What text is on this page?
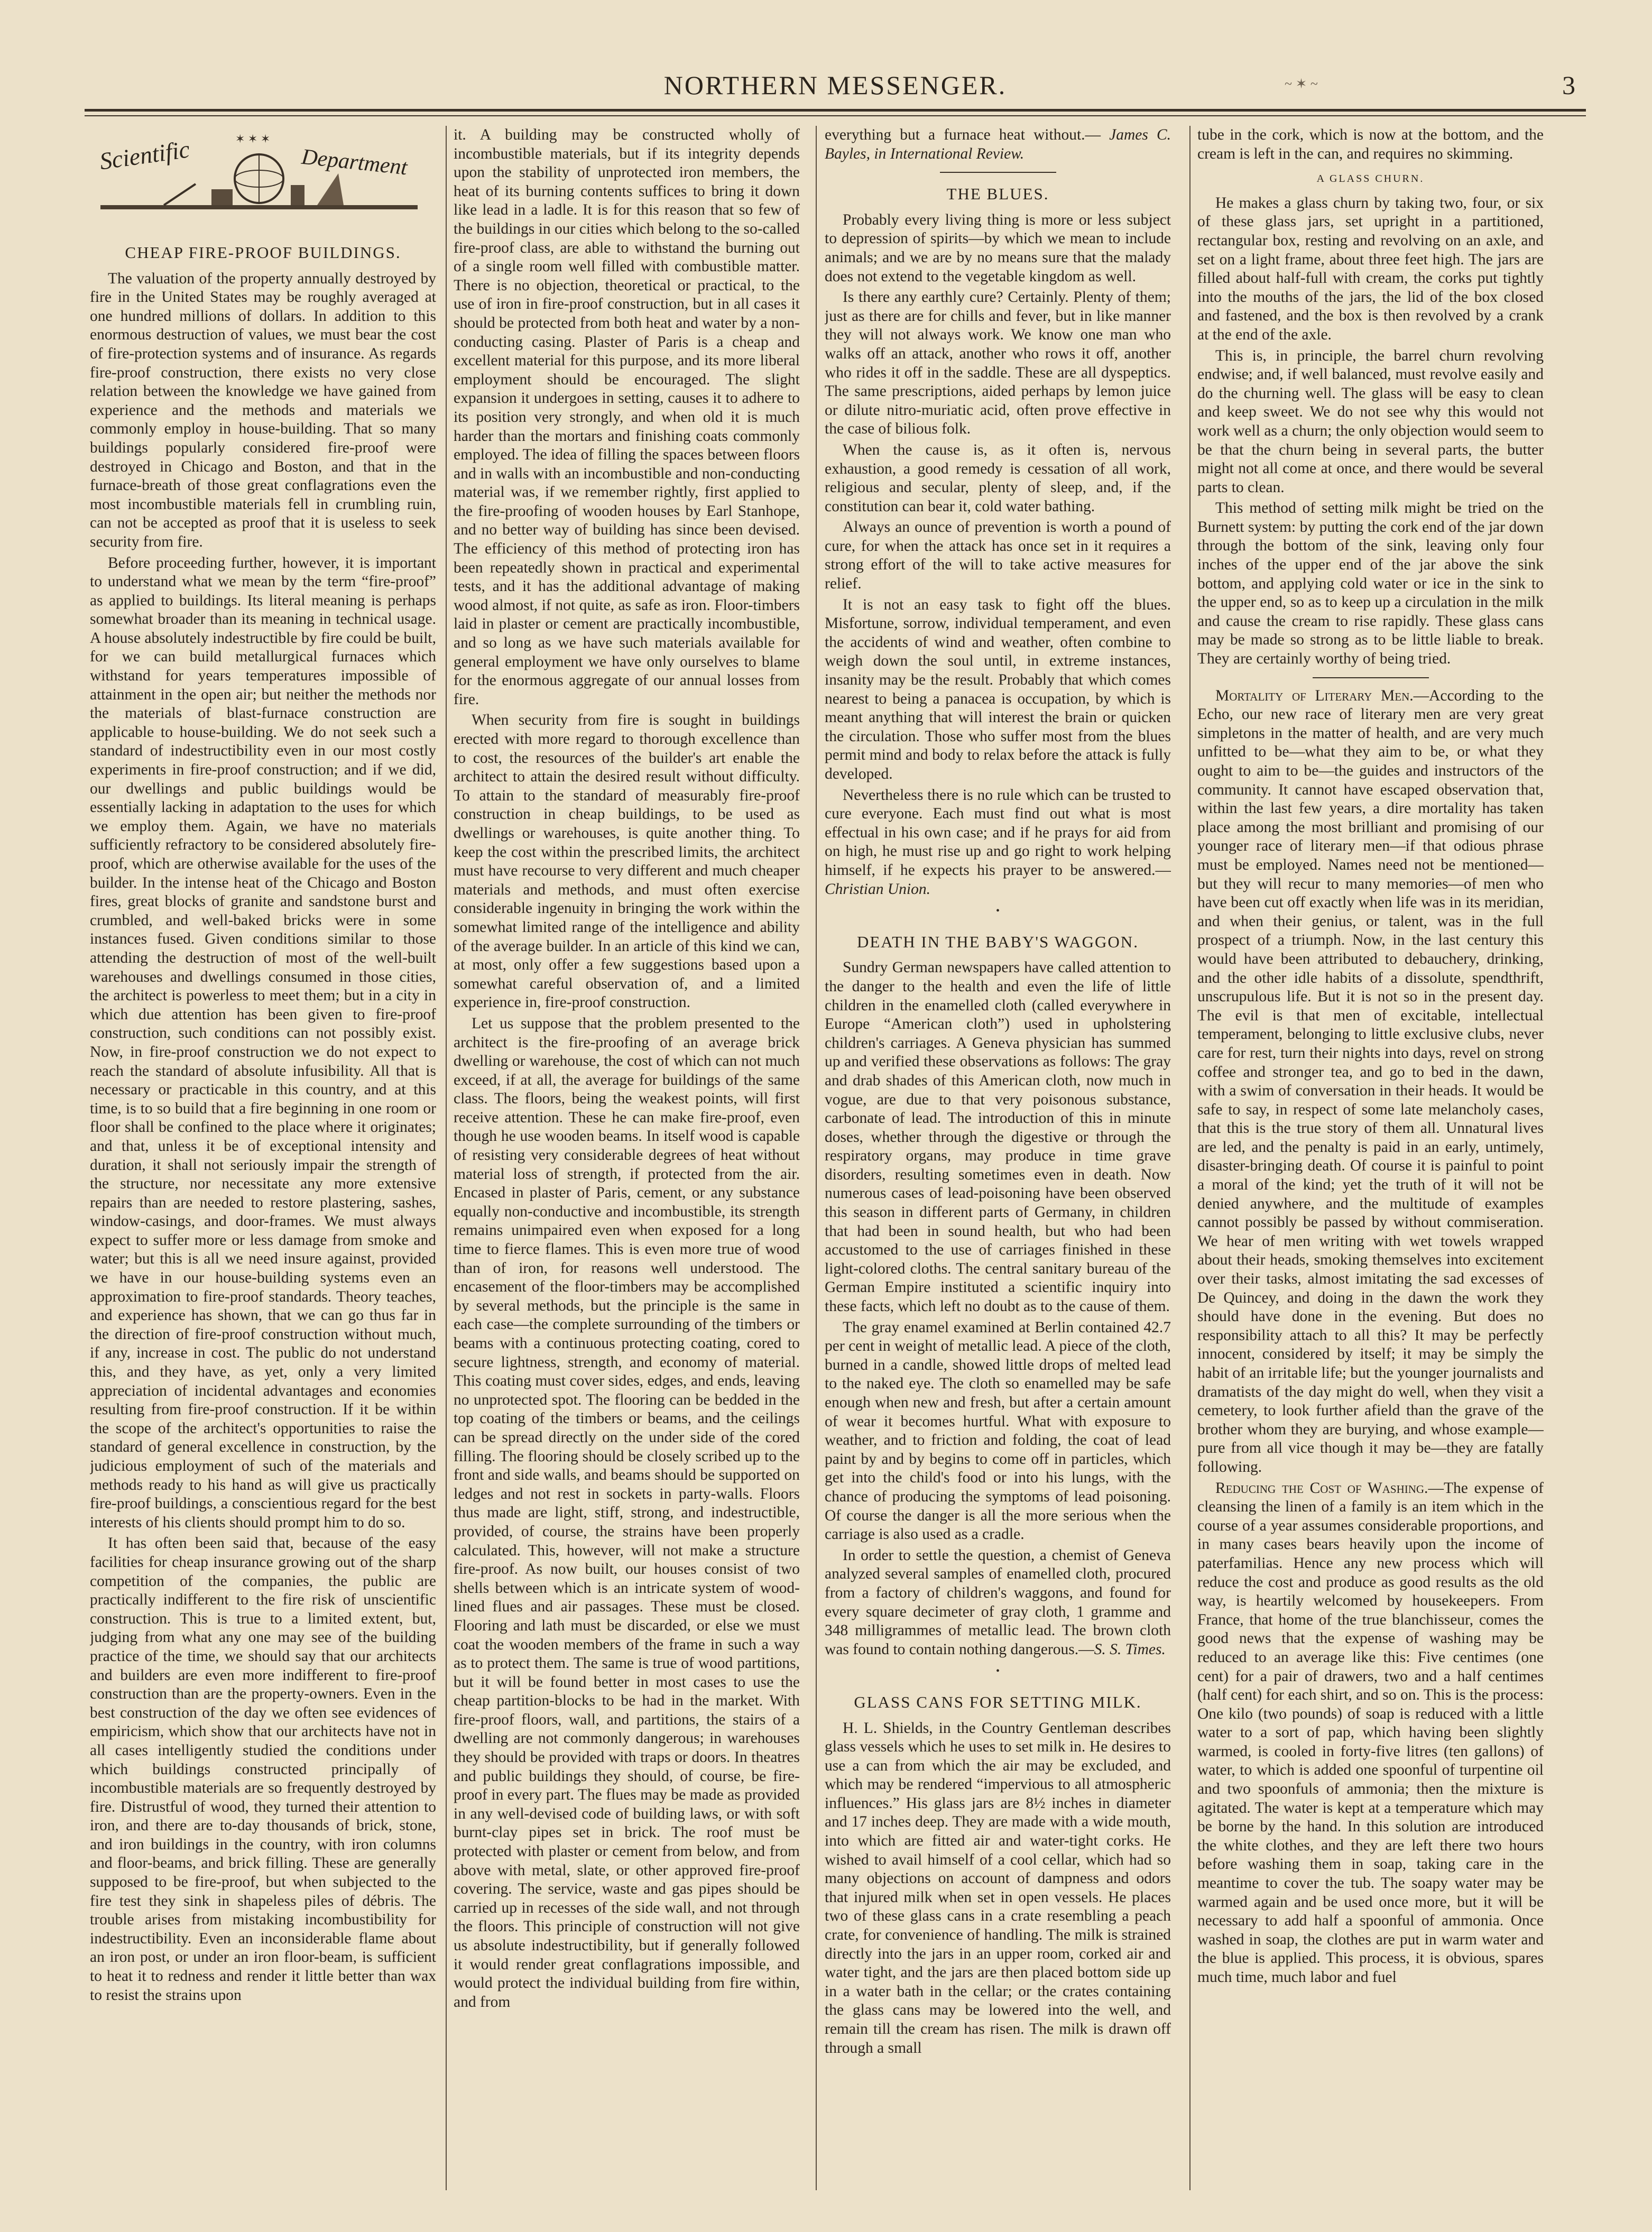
NORTHERN MESSENGER.	~ ✶ ~	3
✶ ✶ ✶
Scientific	Department
CHEAP FIRE-PROOF BUILDINGS.

The valuation of the property annually destroyed by fire in the United States may be roughly averaged at one hundred millions of dollars. In addition to this enormous destruction of values, we must bear the cost of fire-protection systems and of insurance. As regards fire-proof construction, there exists no very close relation between the knowledge we have gained from experience and the methods and materials we commonly employ in house-building. That so many buildings popularly considered fire-proof were destroyed in Chicago and Boston, and that in the furnace-breath of those great conflagrations even the most incombustible materials fell in crumbling ruin, can not be accepted as proof that it is useless to seek security from fire.

Before proceeding further, however, it is important to understand what we mean by the term “fire-proof” as applied to buildings. Its literal meaning is perhaps somewhat broader than its meaning in technical usage. A house absolutely indestructible by fire could be built, for we can build metallurgical furnaces which withstand for years temperatures impossible of attainment in the open air; but neither the methods nor the materials of blast-furnace construction are applicable to house-building. We do not seek such a standard of indestructibility even in our most costly experiments in fire-proof construction; and if we did, our dwellings and public buildings would be essentially lacking in adaptation to the uses for which we employ them. Again, we have no materials sufficiently refractory to be considered absolutely fire-proof, which are otherwise available for the uses of the builder. In the intense heat of the Chicago and Boston fires, great blocks of granite and sandstone burst and crumbled, and well-baked bricks were in some instances fused. Given conditions similar to those attending the destruction of most of the well-built warehouses and dwellings consumed in those cities, the architect is powerless to meet them; but in a city in which due attention has been given to fire-proof construction, such conditions can not possibly exist. Now, in fire-proof construction we do not expect to reach the standard of absolute infusibility. All that is necessary or practicable in this country, and at this time, is to so build that a fire beginning in one room or floor shall be confined to the place where it originates; and that, unless it be of exceptional intensity and duration, it shall not seriously impair the strength of the structure, nor necessitate any more extensive repairs than are needed to restore plastering, sashes, window-casings, and door-frames. We must always expect to suffer more or less damage from smoke and water; but this is all we need insure against, provided we have in our house-building systems even an approximation to fire-proof standards. Theory teaches, and experience has shown, that we can go thus far in the direction of fire-proof construction without much, if any, increase in cost. The public do not understand this, and they have, as yet, only a very limited appreciation of incidental advantages and economies resulting from fire-proof construction. If it be within the scope of the architect's opportunities to raise the standard of general excellence in construction, by the judicious employment of such of the materials and methods ready to his hand as will give us practically fire-proof buildings, a conscientious regard for the best interests of his clients should prompt him to do so.

It has often been said that, because of the easy facilities for cheap insurance growing out of the sharp competition of the companies, the public are practically indifferent to the fire risk of unscientific construction. This is true to a limited extent, but, judging from what any one may see of the building practice of the time, we should say that our architects and builders are even more indifferent to fire-proof construction than are the property-owners. Even in the best construction of the day we often see evidences of empiricism, which show that our architects have not in all cases intelligently studied the conditions under which buildings constructed principally of incombustible materials are so frequently destroyed by fire. Distrustful of wood, they turned their attention to iron, and there are to-day thousands of brick, stone, and iron buildings in the country, with iron columns and floor-beams, and brick filling. These are generally supposed to be fire-proof, but when subjected to the fire test they sink in shapeless piles of débris. The trouble arises from mistaking incombustibility for indestructibility. Even an inconsiderable flame about an iron post, or under an iron floor-beam, is sufficient to heat it to redness and render it little better than wax to resist the strains upon

it. A building may be constructed wholly of incombustible materials, but if its integrity depends upon the stability of unprotected iron members, the heat of its burning contents suffices to bring it down like lead in a ladle. It is for this reason that so few of the buildings in our cities which belong to the so-called fire-proof class, are able to withstand the burning out of a single room well filled with combustible matter. There is no objection, theoretical or practical, to the use of iron in fire-proof construction, but in all cases it should be protected from both heat and water by a non-conducting casing. Plaster of Paris is a cheap and excellent material for this purpose, and its more liberal employment should be encouraged. The slight expansion it undergoes in setting, causes it to adhere to its position very strongly, and when old it is much harder than the mortars and finishing coats commonly employed. The idea of filling the spaces between floors and in walls with an incombustible and non-conducting material was, if we remember rightly, first applied to the fire-proofing of wooden houses by Earl Stanhope, and no better way of building has since been devised. The efficiency of this method of protecting iron has been repeatedly shown in practical and experimental tests, and it has the additional advantage of making wood almost, if not quite, as safe as iron. Floor-timbers laid in plaster or cement are practically incombustible, and so long as we have such materials available for general employment we have only ourselves to blame for the enormous aggregate of our annual losses from fire.

When security from fire is sought in buildings erected with more regard to thorough excellence than to cost, the resources of the builder's art enable the architect to attain the desired result without difficulty. To attain to the standard of measurably fire-proof construction in cheap buildings, to be used as dwellings or warehouses, is quite another thing. To keep the cost within the prescribed limits, the architect must have recourse to very different and much cheaper materials and methods, and must often exercise considerable ingenuity in bringing the work within the somewhat limited range of the intelligence and ability of the average builder. In an article of this kind we can, at most, only offer a few suggestions based upon a somewhat careful observation of, and a limited experience in, fire-proof construction.

Let us suppose that the problem presented to the architect is the fire-proofing of an average brick dwelling or warehouse, the cost of which can not much exceed, if at all, the average for buildings of the same class. The floors, being the weakest points, will first receive attention. These he can make fire-proof, even though he use wooden beams. In itself wood is capable of resisting very considerable degrees of heat without material loss of strength, if protected from the air. Encased in plaster of Paris, cement, or any substance equally non-conductive and incombustible, its strength remains unimpaired even when exposed for a long time to fierce flames. This is even more true of wood than of iron, for reasons well understood. The encasement of the floor-timbers may be accomplished by several methods, but the principle is the same in each case—the complete surrounding of the timbers or beams with a continuous protecting coating, cored to secure lightness, strength, and economy of material. This coating must cover sides, edges, and ends, leaving no unprotected spot. The flooring can be bedded in the top coating of the timbers or beams, and the ceilings can be spread directly on the under side of the cored filling. The flooring should be closely scribed up to the front and side walls, and beams should be supported on ledges and not rest in sockets in party-walls. Floors thus made are light, stiff, strong, and indestructible, provided, of course, the strains have been properly calculated. This, however, will not make a structure fire-proof. As now built, our houses consist of two shells between which is an intricate system of wood-lined flues and air passages. These must be closed. Flooring and lath must be discarded, or else we must coat the wooden members of the frame in such a way as to protect them. The same is true of wood partitions, but it will be found better in most cases to use the cheap partition-blocks to be had in the market. With fire-proof floors, wall, and partitions, the stairs of a dwelling are not commonly dangerous; in warehouses they should be provided with traps or doors. In theatres and public buildings they should, of course, be fire-proof in every part. The flues may be made as provided in any well-devised code of building laws, or with soft burnt-clay pipes set in brick. The roof must be protected with plaster or cement from below, and from above with metal, slate, or other approved fire-proof covering. The service, waste and gas pipes should be carried up in recesses of the side wall, and not through the floors. This principle of construction will not give us absolute indestructibility, but if generally followed it would render great conflagrations impossible, and would protect the individual building from fire within, and from

everything but a furnace heat without.— James C. Bayles, in International Review.

THE BLUES.

Probably every living thing is more or less subject to depression of spirits—by which we mean to include animals; and we are by no means sure that the malady does not extend to the vegetable kingdom as well.

Is there any earthly cure? Certainly. Plenty of them; just as there are for chills and fever, but in like manner they will not always work. We know one man who walks off an attack, another who rows it off, another who rides it off in the saddle. These are all dyspeptics. The same prescriptions, aided perhaps by lemon juice or dilute nitro-muriatic acid, often prove effective in the case of bilious folk.

When the cause is, as it often is, nervous exhaustion, a good remedy is cessation of all work, religious and secular, plenty of sleep, and, if the constitution can bear it, cold water bathing.

Always an ounce of prevention is worth a pound of cure, for when the attack has once set in it requires a strong effort of the will to take active measures for relief.

It is not an easy task to fight off the blues. Misfortune, sorrow, individual temperament, and even the accidents of wind and weather, often combine to weigh down the soul until, in extreme instances, insanity may be the result. Probably that which comes nearest to being a panacea is occupation, by which is meant anything that will interest the brain or quicken the circulation. Those who suffer most from the blues permit mind and body to relax before the attack is fully developed.

Nevertheless there is no rule which can be trusted to cure everyone. Each must find out what is most effectual in his own case; and if he prays for aid from on high, he must rise up and go right to work helping himself, if he expects his prayer to be answered.—Christian Union.

•
DEATH IN THE BABY'S WAGGON.

Sundry German newspapers have called attention to the danger to the health and even the life of little children in the enamelled cloth (called everywhere in Europe “American cloth”) used in upholstering children's carriages. A Geneva physician has summed up and verified these observations as follows: The gray and drab shades of this American cloth, now much in vogue, are due to that very poisonous substance, carbonate of lead. The introduction of this in minute doses, whether through the digestive or through the respiratory organs, may produce in time grave disorders, resulting sometimes even in death. Now numerous cases of lead-poisoning have been observed this season in different parts of Germany, in children that had been in sound health, but who had been accustomed to the use of carriages finished in these light-colored cloths. The central sanitary bureau of the German Empire instituted a scientific inquiry into these facts, which left no doubt as to the cause of them.

The gray enamel examined at Berlin contained 42.7 per cent in weight of metallic lead. A piece of the cloth, burned in a candle, showed little drops of melted lead to the naked eye. The cloth so enamelled may be safe enough when new and fresh, but after a certain amount of wear it becomes hurtful. What with exposure to weather, and to friction and folding, the coat of lead paint by and by begins to come off in particles, which get into the child's food or into his lungs, with the chance of producing the symptoms of lead poisoning. Of course the danger is all the more serious when the carriage is also used as a cradle.

In order to settle the question, a chemist of Geneva analyzed several samples of enamelled cloth, procured from a factory of children's waggons, and found for every square decimeter of gray cloth, 1 gramme and 348 milligrammes of metallic lead. The brown cloth was found to contain nothing dangerous.—S. S. Times.

•
GLASS CANS FOR SETTING MILK.

H. L. Shields, in the Country Gentleman describes glass vessels which he uses to set milk in. He desires to use a can from which the air may be excluded, and which may be rendered “impervious to all atmospheric influences.” His glass jars are 8½ inches in diameter and 17 inches deep. They are made with a wide mouth, into which are fitted air and water-tight corks. He wished to avail himself of a cool cellar, which had so many objections on account of dampness and odors that injured milk when set in open vessels. He places two of these glass cans in a crate resembling a peach crate, for convenience of handling. The milk is strained directly into the jars in an upper room, corked air and water tight, and the jars are then placed bottom side up in a water bath in the cellar; or the crates containing the glass cans may be lowered into the well, and remain till the cream has risen. The milk is drawn off through a small

tube in the cork, which is now at the bottom, and the cream is left in the can, and requires no skimming.

A GLASS CHURN.

He makes a glass churn by taking two, four, or six of these glass jars, set upright in a partitioned, rectangular box, resting and revolving on an axle, and set on a light frame, about three feet high. The jars are filled about half-full with cream, the corks put tightly into the mouths of the jars, the lid of the box closed and fastened, and the box is then revolved by a crank at the end of the axle.

This is, in principle, the barrel churn revolving endwise; and, if well balanced, must revolve easily and do the churning well. The glass will be easy to clean and keep sweet. We do not see why this would not work well as a churn; the only objection would seem to be that the churn being in several parts, the butter might not all come at once, and there would be several parts to clean.

This method of setting milk might be tried on the Burnett system: by putting the cork end of the jar down through the bottom of the sink, leaving only four inches of the upper end of the jar above the sink bottom, and applying cold water or ice in the sink to the upper end, so as to keep up a circulation in the milk and cause the cream to rise rapidly. These glass cans may be made so strong as to be little liable to break. They are certainly worthy of being tried.

Mortality of Literary Men.—According to the Echo, our new race of literary men are very great simpletons in the matter of health, and are very much unfitted to be—what they aim to be, or what they ought to aim to be—the guides and instructors of the community. It cannot have escaped observation that, within the last few years, a dire mortality has taken place among the most brilliant and promising of our younger race of literary men—if that odious phrase must be employed. Names need not be mentioned—but they will recur to many memories—of men who have been cut off exactly when life was in its meridian, and when their genius, or talent, was in the full prospect of a triumph. Now, in the last century this would have been attributed to debauchery, drinking, and the other idle habits of a dissolute, spendthrift, unscrupulous life. But it is not so in the present day. The evil is that men of excitable, intellectual temperament, belonging to little exclusive clubs, never care for rest, turn their nights into days, revel on strong coffee and stronger tea, and go to bed in the dawn, with a swim of conversation in their heads. It would be safe to say, in respect of some late melancholy cases, that this is the true story of them all. Unnatural lives are led, and the penalty is paid in an early, untimely, disaster-bringing death. Of course it is painful to point a moral of the kind; yet the truth of it will not be denied anywhere, and the multitude of examples cannot possibly be passed by without commiseration. We hear of men writing with wet towels wrapped about their heads, smoking themselves into excitement over their tasks, almost imitating the sad excesses of De Quincey, and doing in the dawn the work they should have done in the evening. But does no responsibility attach to all this? It may be perfectly innocent, considered by itself; it may be simply the habit of an irritable life; but the younger journalists and dramatists of the day might do well, when they visit a cemetery, to look further afield than the grave of the brother whom they are burying, and whose example—pure from all vice though it may be—they are fatally following.

Reducing the Cost of Washing.—The expense of cleansing the linen of a family is an item which in the course of a year assumes considerable proportions, and in many cases bears heavily upon the income of paterfamilias. Hence any new process which will reduce the cost and produce as good results as the old way, is heartily welcomed by housekeepers. From France, that home of the true blanchisseur, comes the good news that the expense of washing may be reduced to an average like this: Five centimes (one cent) for a pair of drawers, two and a half centimes (half cent) for each shirt, and so on. This is the process: One kilo (two pounds) of soap is reduced with a little water to a sort of pap, which having been slightly warmed, is cooled in forty-five litres (ten gallons) of water, to which is added one spoonful of turpentine oil and two spoonfuls of ammonia; then the mixture is agitated. The water is kept at a temperature which may be borne by the hand. In this solution are introduced the white clothes, and they are left there two hours before washing them in soap, taking care in the meantime to cover the tub. The soapy water may be warmed again and be used once more, but it will be necessary to add half a spoonful of ammonia. Once washed in soap, the clothes are put in warm water and the blue is applied. This process, it is obvious, spares much time, much labor and fuel
